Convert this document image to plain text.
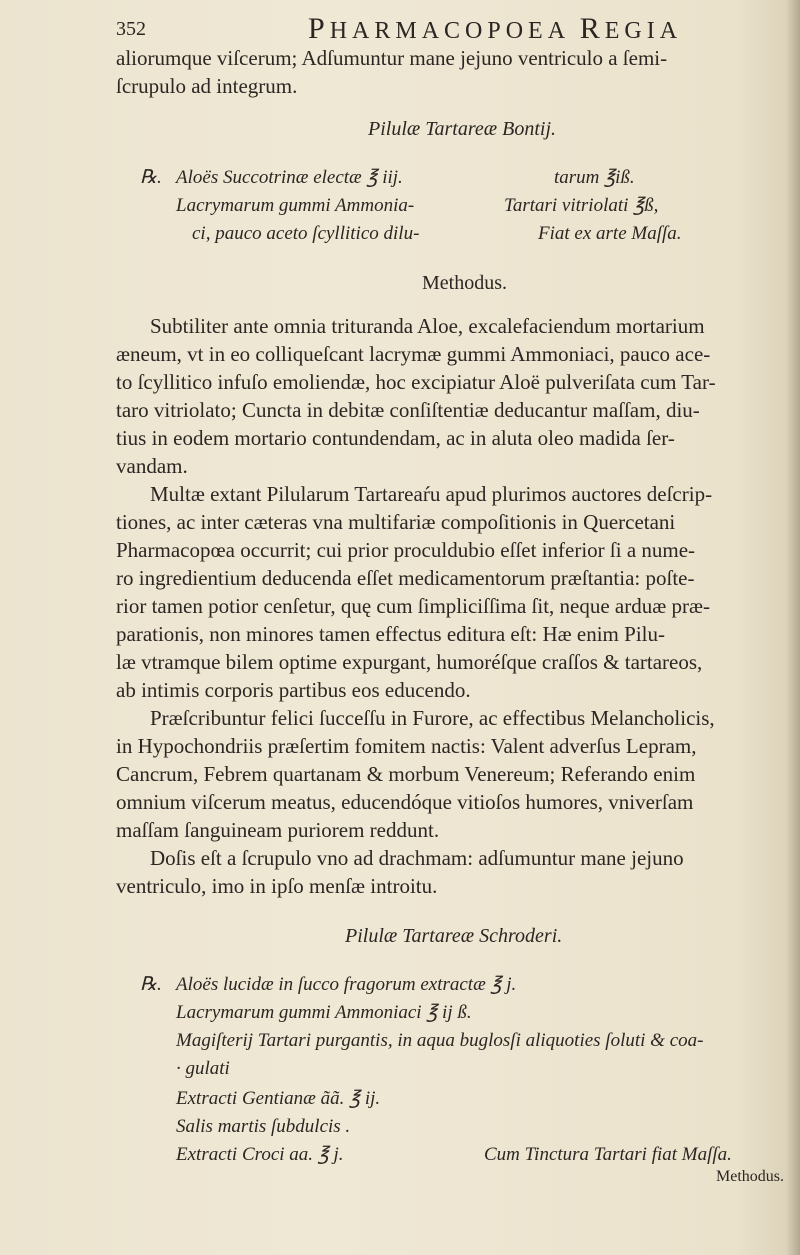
352	PHARMACOPOEA REGIA
aliorumque viſcerum; Adſumuntur mane jejuno ventriculo a ſemi-
ſcrupulo ad integrum.
Pilulæ Tartareæ Bontij.
℞. Aloës Succotrinæ electæ ℥ iij.
Lacrymarum gummi Ammonia-
ci, pauco aceto ſcyllitico dilu-
tarum ℥iß.
Tartari vitriolati ℥ß,
Fiat ex arte Maſſa.
Methodus.
Subtiliter ante omnia trituranda Aloe, excalefaciendum mortarium
æneum, vt in eo colliqueſcant lacrymæ gummi Ammoniaci, pauco ace-
to ſcyllitico infuſo emoliendæ, hoc excipiatur Aloë pulveriſata cum Tar-
taro vitriolato; Cuncta in debitæ conſiſtentiæ deducantur maſſam, diu-
tius in eodem mortario contundendam, ac in aluta oleo madida ſer-
vandam.
Multæ extant Pilularum Tartareaŕu apud plurimos auctores deſcrip-
tiones, ac inter cæteras vna multifariæ compoſitionis in Quercetani
Pharmacopœa occurrit; cui prior proculdubio eſſet inferior ſi a nume-
ro ingredientium deducenda eſſet medicamentorum præſtantia: poſte-
rior tamen potior cenſetur, quę cum ſimpliciſſima ſit, neque arduæ præ-
parationis, non minores tamen effectus editura eſt: Hæ enim Pilu-
læ vtramque bilem optime expurgant, humoréſque craſſos & tartareos,
ab intimis corporis partibus eos educendo.
Præſcribuntur felici ſucceſſu in Furore, ac effectibus Melancholicis,
in Hypochondriis præſertim fomitem nactis: Valent adverſus Lepram,
Cancrum, Febrem quartanam & morbum Venereum; Referando enim
omnium viſcerum meatus, educendóque vitioſos humores, vniverſam
maſſam ſanguineam puriorem reddunt.
Doſis eſt a ſcrupulo vno ad drachmam: adſumuntur mane jejuno
ventriculo, imo in ipſo menſæ introitu.
Pilulæ Tartareæ Schroderi.
℞. Aloës lucidæ in ſucco fragorum extractæ ℥ j.
Lacrymarum gummi Ammoniaci ℥ ij ß.
Magiſterij Tartari purgantis, in aqua buglosſi aliquoties ſoluti & coa-
· gulati
Extracti Gentianæ ãã. ℥ ij.
Salis martis ſubdulcis .
Extracti Croci aa. ℥ j.	Cum Tinctura Tartari fiat Maſſa.
Methodus.
